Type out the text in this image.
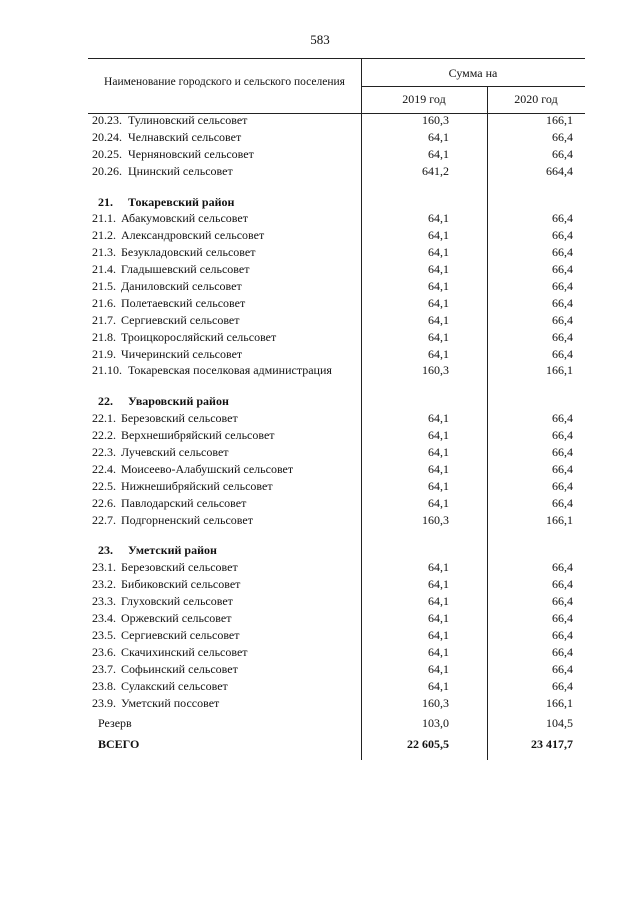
583
Наименование городского и сельского поселения
Сумма на
2019 год	2020 год
20.23. Тулиновский сельсовет	160,3	166,1
20.24. Челнавский сельсовет	64,1	66,4
20.25. Черняновский сельсовет	64,1	66,4
20.26. Цнинский сельсовет	641,2	664,4
21. Токаревский район
21.1. Абакумовский сельсовет	64,1	66,4
21.2. Александровский сельсовет	64,1	66,4
21.3. Безукладовский сельсовет	64,1	66,4
21.4. Гладышевский сельсовет	64,1	66,4
21.5. Даниловский сельсовет	64,1	66,4
21.6. Полетаевский сельсовет	64,1	66,4
21.7. Сергиевский сельсовет	64,1	66,4
21.8. Троицкоросляйский сельсовет	64,1	66,4
21.9. Чичеринский сельсовет	64,1	66,4
21.10. Токаревская поселковая администрация	160,3	166,1
22. Уваровский район
22.1. Березовский сельсовет	64,1	66,4
22.2. Верхнешибряйский сельсовет	64,1	66,4
22.3. Лучевский сельсовет	64,1	66,4
22.4. Моисеево-Алабушский сельсовет	64,1	66,4
22.5. Нижнешибряйский сельсовет	64,1	66,4
22.6. Павлодарский сельсовет	64,1	66,4
22.7. Подгорненский сельсовет	160,3	166,1
23. Уметский район
23.1. Березовский сельсовет	64,1	66,4
23.2. Бибиковский сельсовет	64,1	66,4
23.3. Глуховский сельсовет	64,1	66,4
23.4. Оржевский сельсовет	64,1	66,4
23.5. Сергиевский сельсовет	64,1	66,4
23.6. Скачихинский сельсовет	64,1	66,4
23.7. Софьинский сельсовет	64,1	66,4
23.8. Сулакский сельсовет	64,1	66,4
23.9. Уметский поссовет	160,3	166,1
Резерв	103,0	104,5
ВСЕГО	22 605,5	23 417,7
